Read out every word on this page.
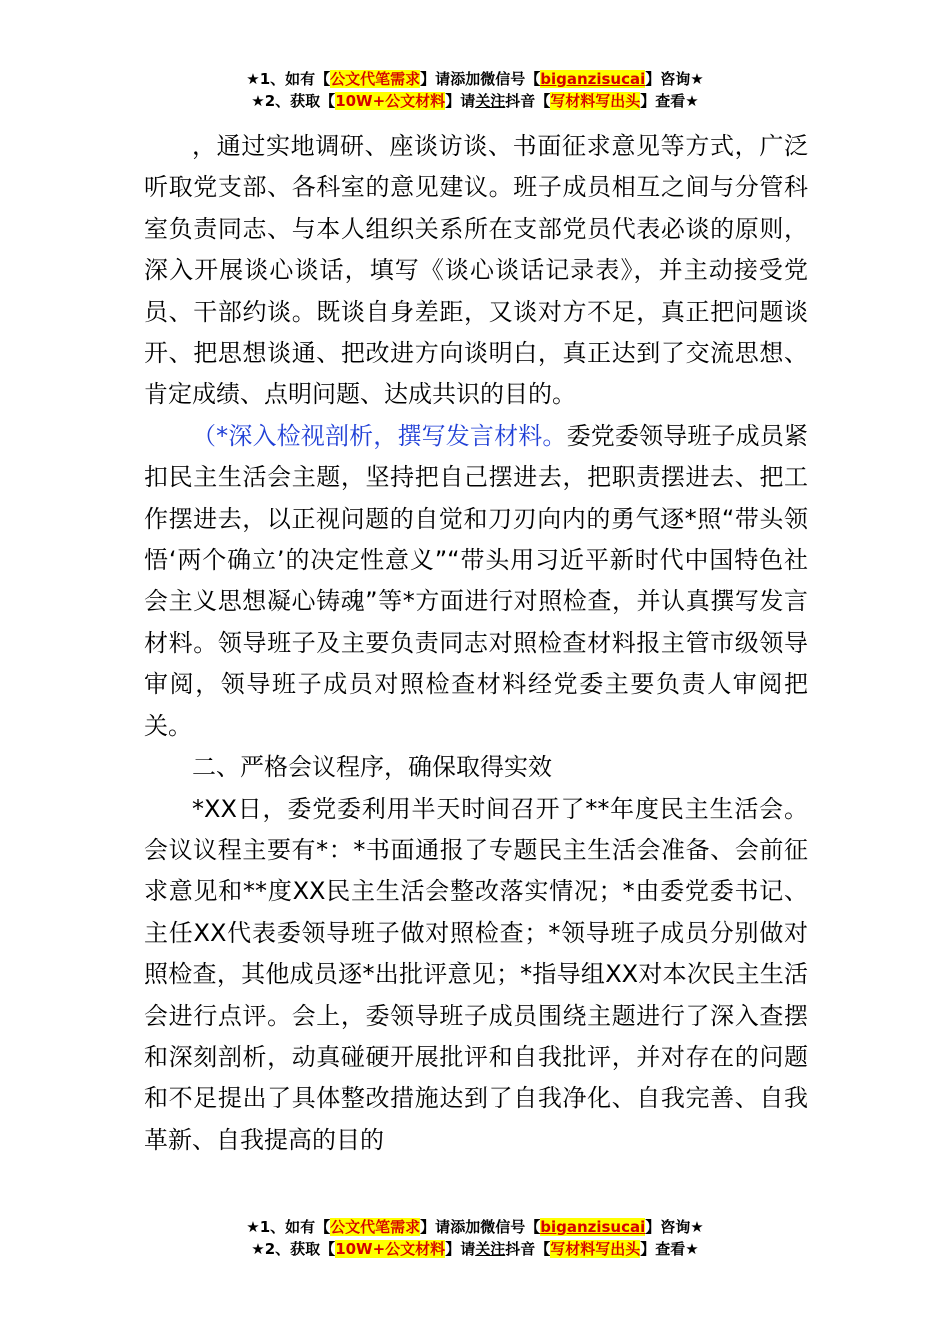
★1、如有【公文代笔需求】请添加微信号【biganzisucai】咨询★
★2、获取【10W+公文材料】请关注抖音【写材料写出头】查看★

，通过实地调研、座谈访谈、书面征求意见等方式，广泛听取党支部、各科室的意见建议。班子成员相互之间与分管科室负责同志、与本人组织关系所在支部党员代表必谈的原则，深入开展谈心谈话，填写《谈心谈话记录表》，并主动接受党员、干部约谈。既谈自身差距，又谈对方不足，真正把问题谈开、把思想谈通、把改进方向谈明白，真正达到了交流思想、肯定成绩、点明问题、达成共识的目的。

（*深入检视剖析，撰写发言材料。委党委领导班子成员紧扣民主生活会主题，坚持把自己摆进去，把职责摆进去、把工作摆进去，以正视问题的自觉和刀刃向内的勇气逐*照“带头领悟‘两个确立’的决定性意义”“带头用习近平新时代中国特色社会主义思想凝心铸魂”等*方面进行对照检查，并认真撰写发言材料。领导班子及主要负责同志对照检查材料报主管市级领导审阅，领导班子成员对照检查材料经党委主要负责人审阅把关。

二、严格会议程序，确保取得实效

*XX日，委党委利用半天时间召开了**年度民主生活会。会议议程主要有*：*书面通报了专题民主生活会准备、会前征求意见和**度XX民主生活会整改落实情况；*由委党委书记、主任XX代表委领导班子做对照检查；*领导班子成员分别做对照检查，其他成员逐*出批评意见；*指导组XX对本次民主生活会进行点评。会上，委领导班子成员围绕主题进行了深入查摆和深刻剖析，动真碰硬开展批评和自我批评，并对存在的问题和不足提出了具体整改措施达到了自我净化、自我完善、自我革新、自我提高的目的

★1、如有【公文代笔需求】请添加微信号【biganzisucai】咨询★
★2、获取【10W+公文材料】请关注抖音【写材料写出头】查看★
